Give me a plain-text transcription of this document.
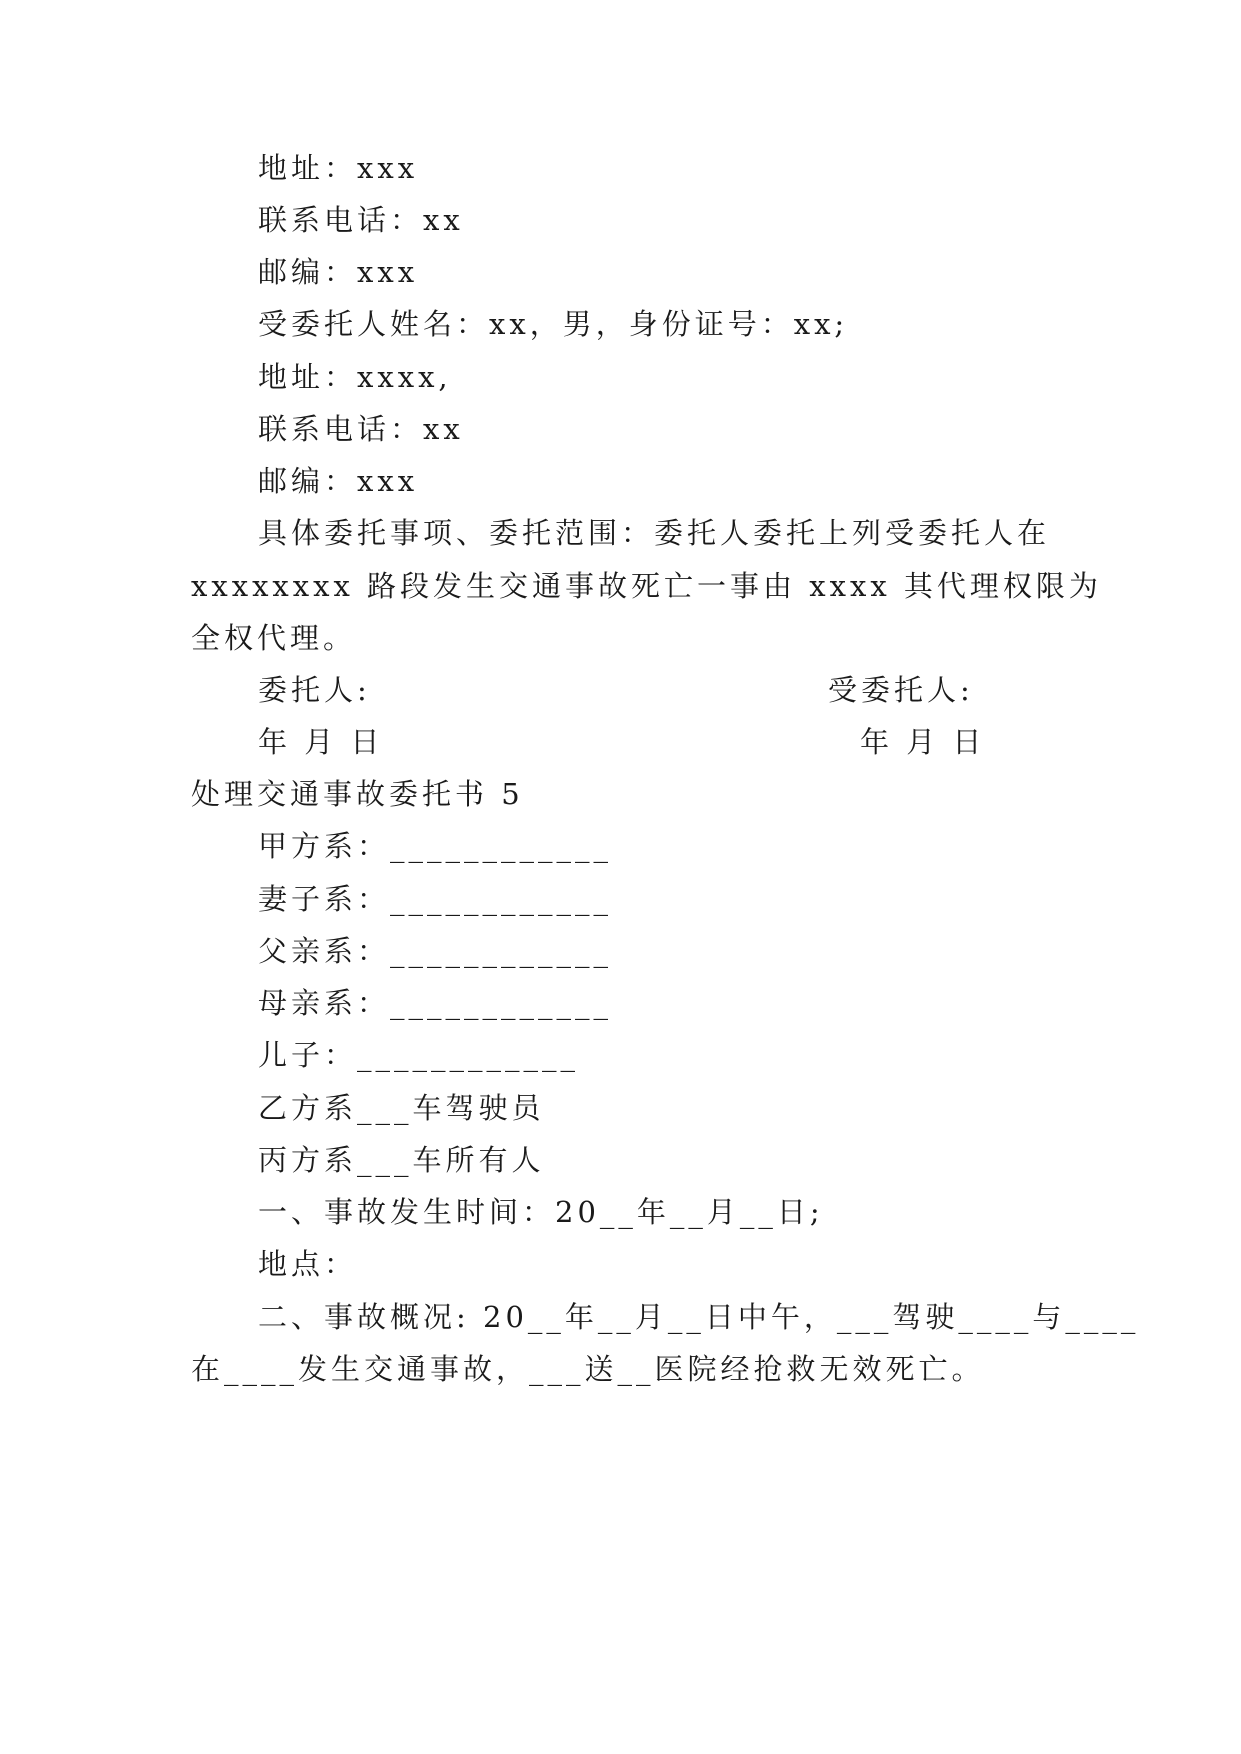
地址：xxx
联系电话：xx
邮编：xxx
受委托人姓名：xx，男，身份证号：xx;
地址：xxxx,
联系电话：xx
邮编：xxx
具体委托事项、委托范围：委托人委托上列受委托人在
xxxxxxxx 路段发生交通事故死亡一事由 xxxx 其代理权限为
全权代理。
委托人:	受委托人:
年 月 日	年 月 日
处理交通事故委托书 5
甲方系：____________
妻子系：____________
父亲系：____________
母亲系：____________
儿子：____________
乙方系___车驾驶员
丙方系___车所有人
一、事故发生时间：20__年__月__日;
地点：
二、事故概况: 20__年__月__日中午，___驾驶____与____
在____发生交通事故，___送__医院经抢救无效死亡。
